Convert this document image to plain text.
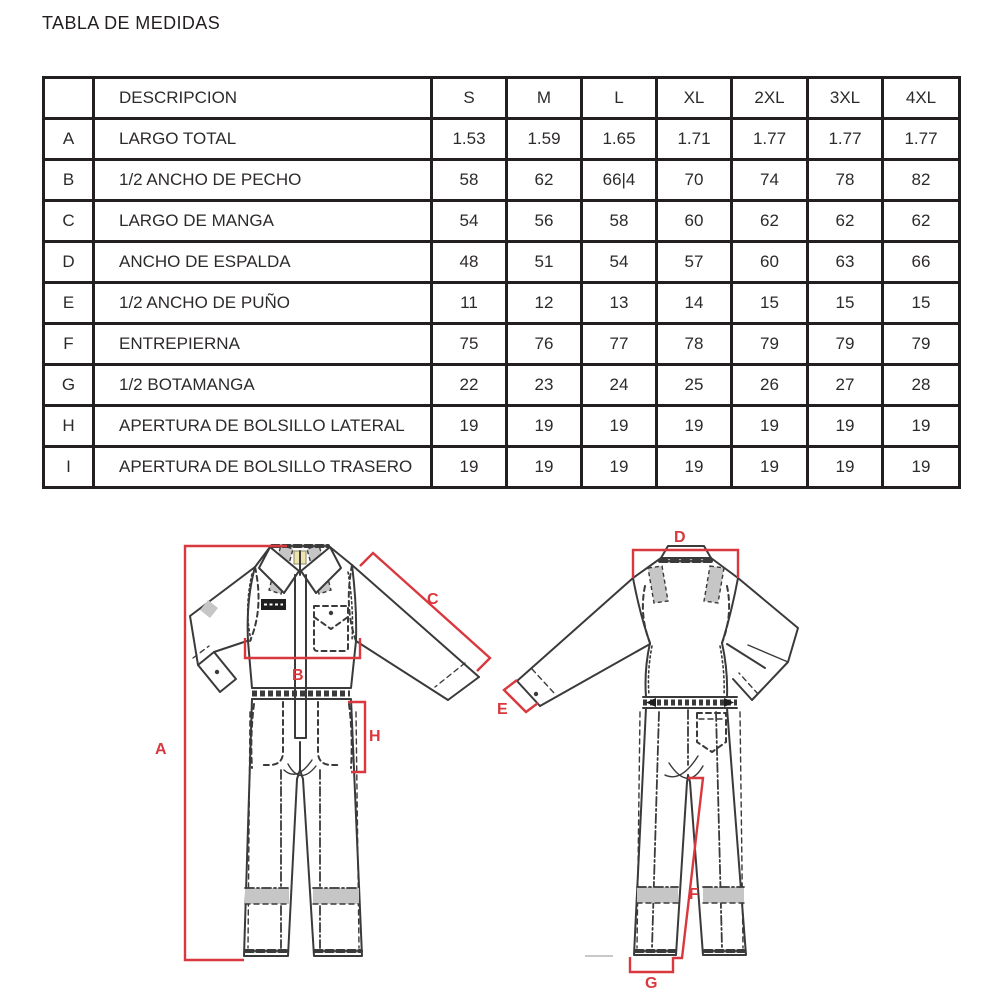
TABLA DE MEDIDAS
	DESCRIPCION	S	M	L	XL	2XL	3XL	4XL
A	LARGO TOTAL	1.53	1.59	1.65	1.71	1.77	1.77	1.77
B	1/2 ANCHO DE PECHO	58	62	66|4	70	74	78	82
C	LARGO DE MANGA	54	56	58	60	62	62	62
D	ANCHO DE ESPALDA	48	51	54	57	60	63	66
E	1/2 ANCHO DE PUÑO	11	12	13	14	15	15	15
F	ENTREPIERNA	75	76	77	78	79	79	79
G	1/2 BOTAMANGA	22	23	24	25	26	27	28
H	APERTURA DE BOLSILLO LATERAL	19	19	19	19	19	19	19
I	APERTURA DE BOLSILLO TRASERO	19	19	19	19	19	19	19
A
B
C
H
D
E
F
G
